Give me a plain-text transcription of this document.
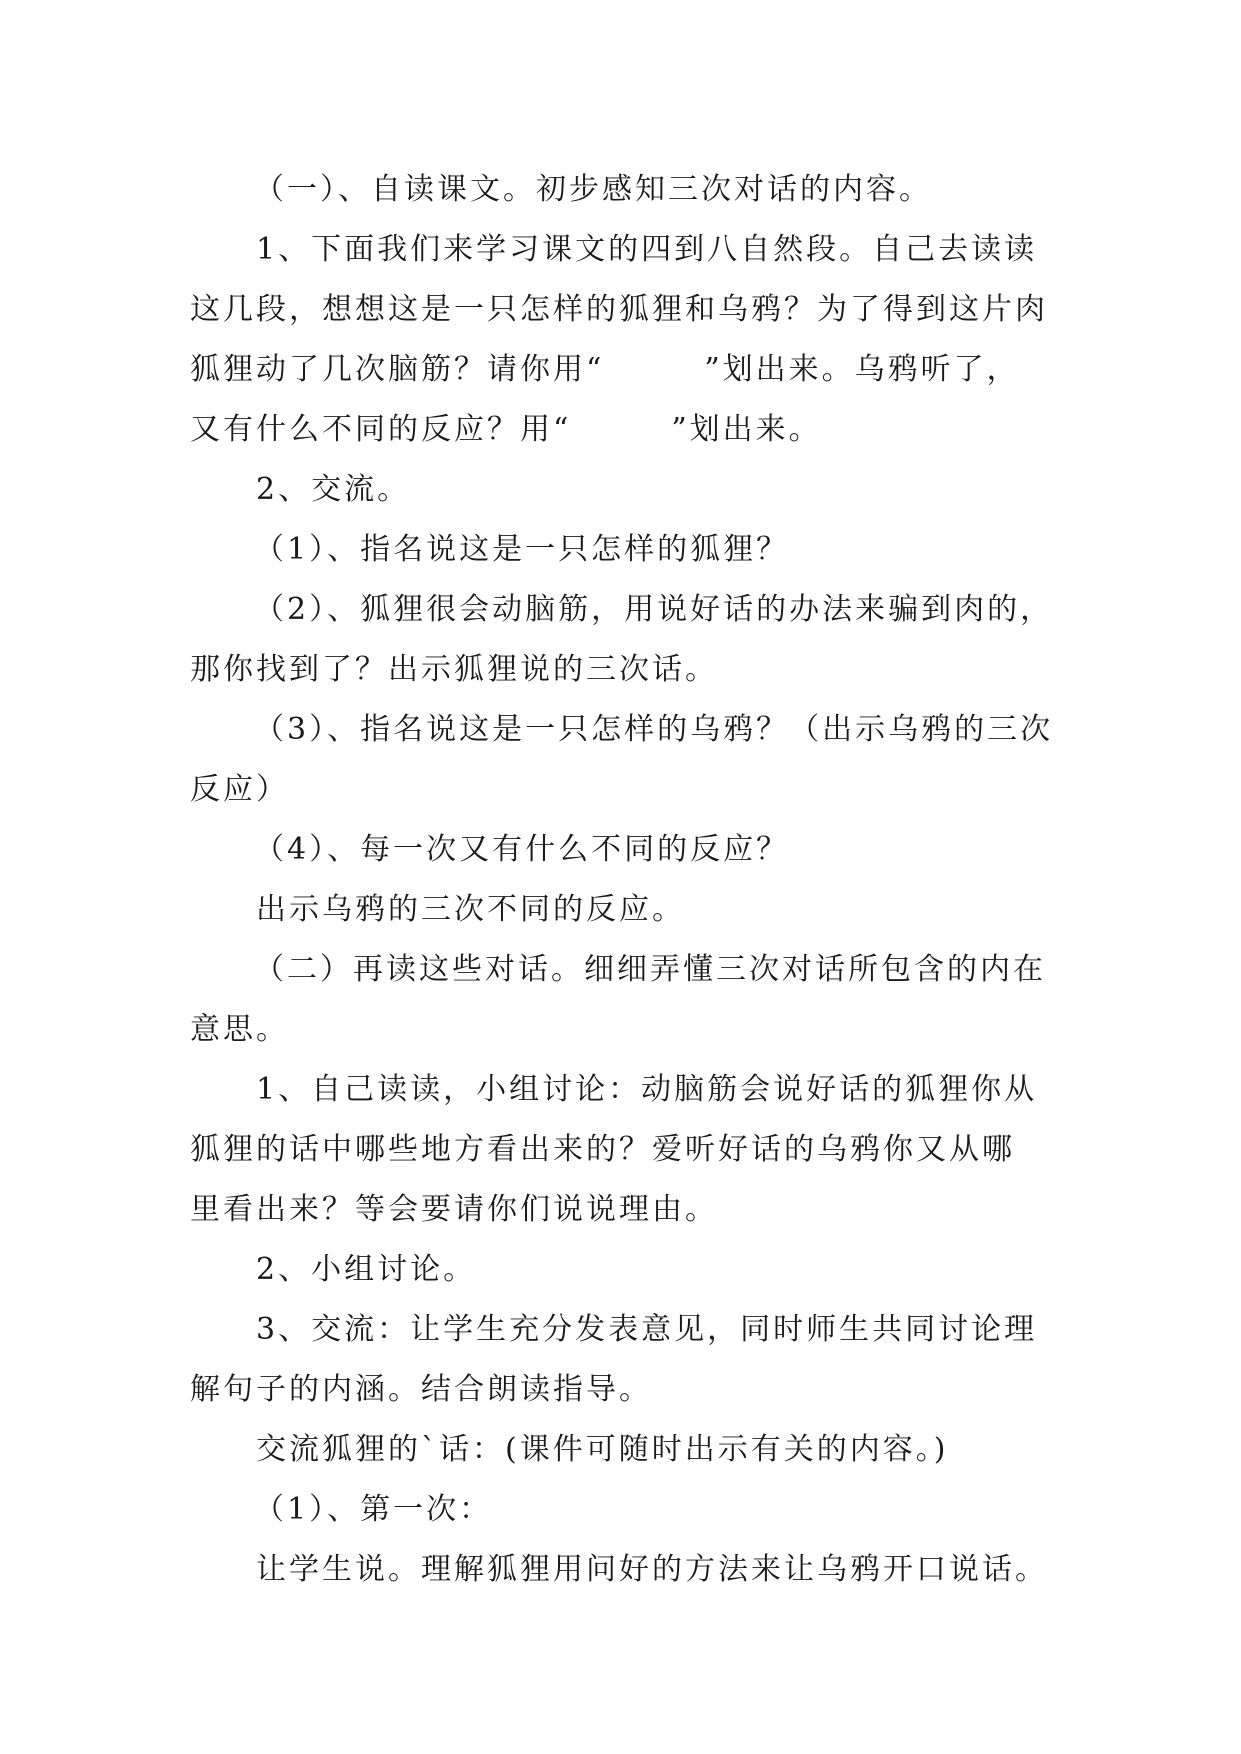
（一）、自读课文。初步感知三次对话的内容。
1、下面我们来学习课文的四到八自然段。自己去读读
这几段，想想这是一只怎样的狐狸和乌鸦？为了得到这片肉
狐狸动了几次脑筋？请你用“	”划出来。乌鸦听了，
又有什么不同的反应？用“	”划出来。
2、交流。
（1）、指名说这是一只怎样的狐狸？
（2）、狐狸很会动脑筋，用说好话的办法来骗到肉的，
那你找到了？出示狐狸说的三次话。
（3）、指名说这是一只怎样的乌鸦？（出示乌鸦的三次
反应）
（4）、每一次又有什么不同的反应？
出示乌鸦的三次不同的反应。
（二）再读这些对话。细细弄懂三次对话所包含的内在
意思。
1、自己读读，小组讨论：动脑筋会说好话的狐狸你从
狐狸的话中哪些地方看出来的？爱听好话的乌鸦你又从哪
里看出来？等会要请你们说说理由。
2、小组讨论。
3、交流：让学生充分发表意见，同时师生共同讨论理
解句子的内涵。结合朗读指导。
交流狐狸的`话：(课件可随时出示有关的内容。)
（1）、第一次：
让学生说。理解狐狸用问好的方法来让乌鸦开口说话。
